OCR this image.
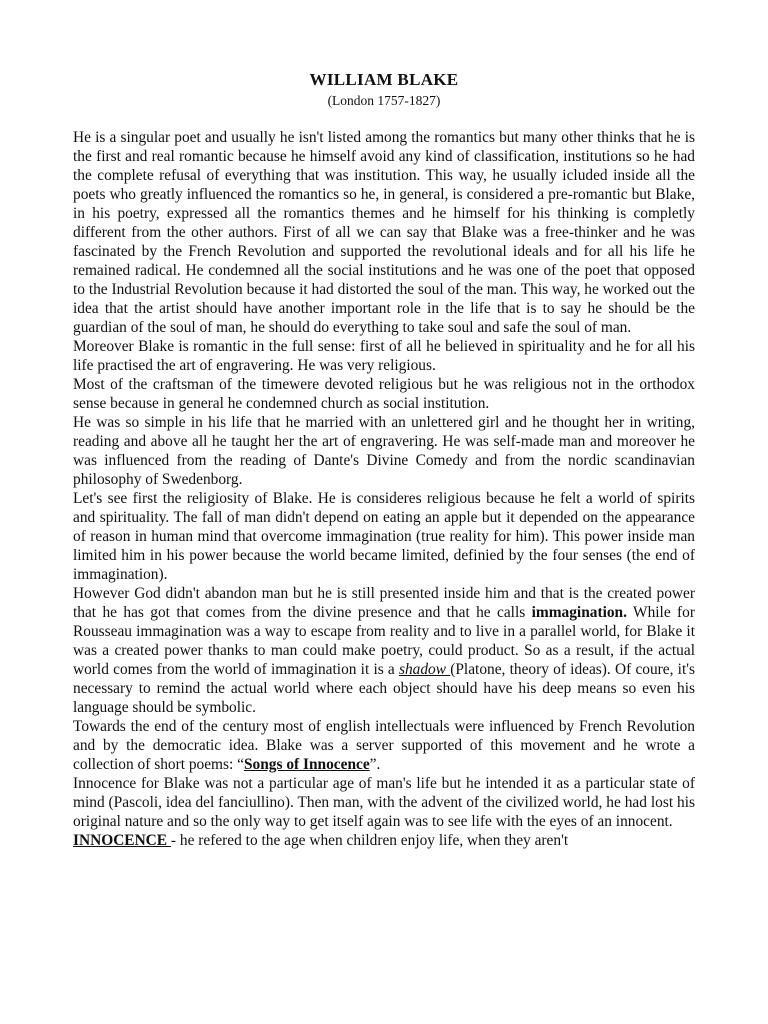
WILLIAM BLAKE
(London 1757-1827)

He is a singular poet and usually he isn't listed among the romantics but many other thinks that he is the first and real romantic because he himself avoid any kind of classification, institutions so he had the complete refusal of everything that was institution. This way, he usually icluded inside all the poets who greatly influenced the romantics so he, in general, is considered a pre-romantic but Blake, in his poetry, expressed all the romantics themes and he himself for his thinking is completly different from the other authors. First of all we can say that Blake was a free-thinker and he was fascinated by the French Revolution and supported the revolutional ideals and for all his life he remained radical. He condemned all the social institutions and he was one of the poet that opposed to the Industrial Revolution because it had distorted the soul of the man. This way, he worked out the idea that the artist should have another important role in the life that is to say he should be the guardian of the soul of man, he should do everything to take soul and safe the soul of man.

Moreover Blake is romantic in the full sense: first of all he believed in spirituality and he for all his life practised the art of engravering. He was very religious.

Most of the craftsman of the timewere devoted religious but he was religious not in the orthodox sense because in general he condemned church as social institution.

He was so simple in his life that he married with an unlettered girl and he thought her in writing, reading and above all he taught her the art of engravering. He was self-made man and moreover he was influenced from the reading of Dante's Divine Comedy and from the nordic scandinavian philosophy of Swedenborg.

Let's see first the religiosity of Blake. He is consideres religious because he felt a world of spirits and spirituality. The fall of man didn't depend on eating an apple but it depended on the appearance of reason in human mind that overcome immagination (true reality for him). This power inside man limited him in his power because the world became limited, definied by the four senses (the end of immagination).

However God didn't abandon man but he is still presented inside him and that is the created power that he has got that comes from the divine presence and that he calls immagination. While for Rousseau immagination was a way to escape from reality and to live in a parallel world, for Blake it was a created power thanks to man could make poetry, could product. So as a result, if the actual world comes from the world of immagination it is a shadow (Platone, theory of ideas). Of coure, it's necessary to remind the actual world where each object should have his deep means so even his language should be symbolic.

Towards the end of the century most of english intellectuals were influenced by French Revolution and by the democratic idea. Blake was a server supported of this movement and he wrote a collection of short poems: “Songs of Innocence”.

Innocence for Blake was not a particular age of man's life but he intended it as a particular state of mind (Pascoli, idea del fanciullino). Then man, with the advent of the civilized world, he had lost his original nature and so the only way to get itself again was to see life with the eyes of an innocent.

INNOCENCE - he refered to the age when children enjoy life, when they aren't
